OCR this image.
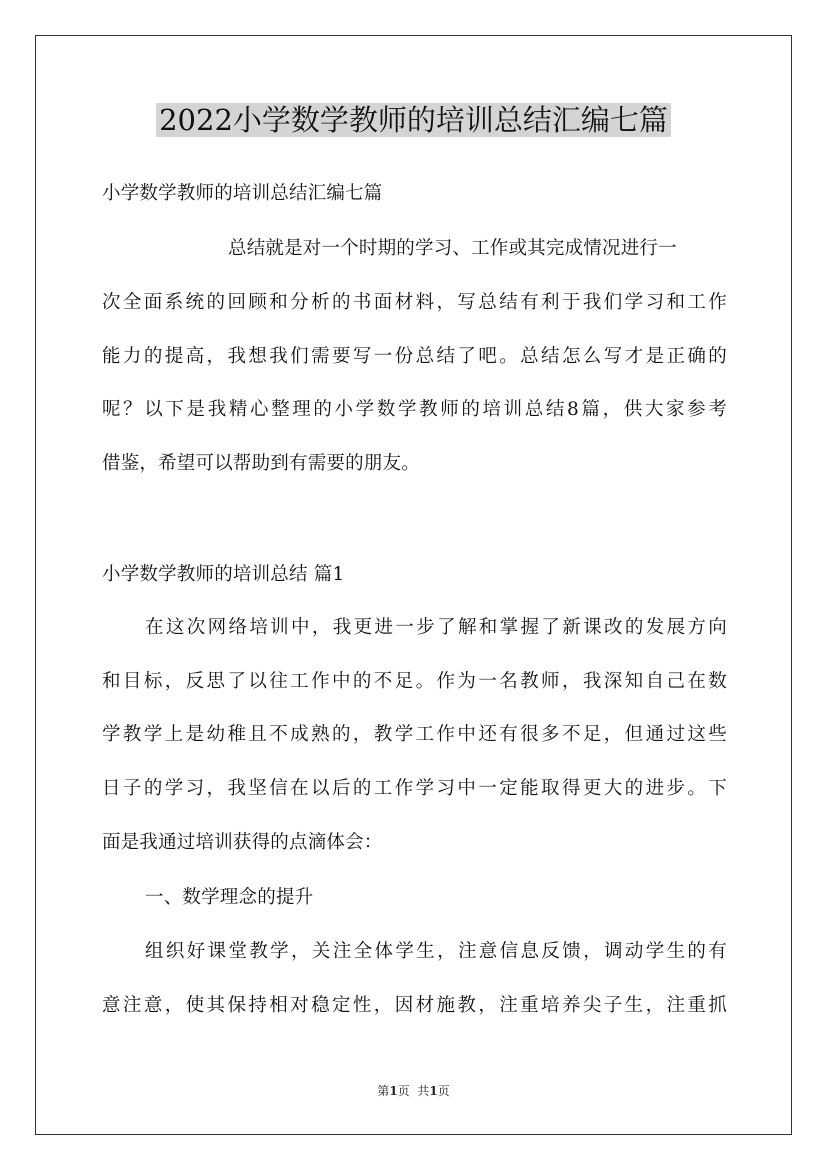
2022小学数学教师的培训总结汇编七篇
小学数学教师的培训总结汇编七篇
总结就是对一个时期的学习、工作或其完成情况进行一
次全面系统的回顾和分析的书面材料，写总结有利于我们学习和工作
能力的提高，我想我们需要写一份总结了吧。总结怎么写才是正确的
呢？以下是我精心整理的小学数学教师的培训总结8篇，供大家参考
借鉴，希望可以帮助到有需要的朋友。
小学数学教师的培训总结 篇1
在这次网络培训中，我更进一步了解和掌握了新课改的发展方向
和目标，反思了以往工作中的不足。作为一名教师，我深知自己在数
学教学上是幼稚且不成熟的，教学工作中还有很多不足，但通过这些
日子的学习，我坚信在以后的工作学习中一定能取得更大的进步。下
面是我通过培训获得的点滴体会：
一、数学理念的提升
组织好课堂教学，关注全体学生，注意信息反馈，调动学生的有
意注意，使其保持相对稳定性，因材施教，注重培养尖子生，注重抓
第1页  共1页
